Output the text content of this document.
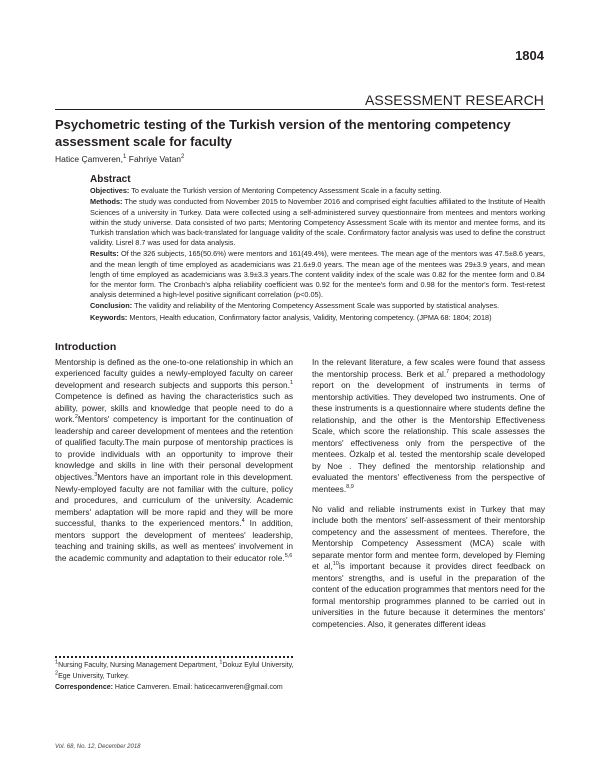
1804
ASSESSMENT RESEARCH
Psychometric testing of the Turkish version of the mentoring competency assessment scale for faculty
Hatice Çamveren,$^1$ Fahriye Vatan$^2$
Abstract

Objectives: To evaluate the Turkish version of Mentoring Competency Assessment Scale in a faculty setting.

Methods: The study was conducted from November 2015 to November 2016 and comprised eight faculties affiliated to the Institute of Health Sciences of a university in Turkey. Data were collected using a self-administered survey questionnaire from mentees and mentors working within the study universe. Data consisted of two parts; Mentoring Competency Assessment Scale with its mentor and mentee forms, and its Turkish translation which was back-translated for language validity of the scale. Confirmatory factor analysis was used to define the construct validity. Lisrel 8.7 was used for data analysis.

Results: Of the 326 subjects, 165(50.6%) were mentors and 161(49.4%), were mentees. The mean age of the mentors was 47.5±8.6 years, and the mean length of time employed as academicians was 21.6±9.0 years. The mean age of the mentees was 29±3.9 years, and mean length of time employed as academicians was 3.9±3.3 years.The content validity index of the scale was 0.82 for the mentee form and 0.84 for the mentor form. The Cronbach's alpha reliability coefficient was 0.92 for the mentee's form and 0.98 for the mentor's form. Test-retest analysis determined a high-level positive significant correlation (p<0.05).

Conclusion: The validity and reliability of the Mentoring Competency Assessment Scale was supported by statistical analyses.

Keywords: Mentors, Health education, Confirmatory factor analysis, Validity, Mentoring competency. (JPMA 68: 1804; 2018)

Introduction

Mentorship is defined as the one-to-one relationship in which an experienced faculty guides a newly-employed faculty on career development and research subjects and supports this person.$^1$ Competence is defined as having the characteristics such as ability, power, skills and knowledge that people need to do a work.$^2$Mentors' competency is important for the continuation of leadership and career development of mentees and the retention of qualified faculty.The main purpose of mentorship practices is to provide individuals with an opportunity to improve their knowledge and skills in line with their personal development objectives.$^3$Mentors have an important role in this development. Newly-employed faculty are not familiar with the culture, policy and procedures, and curriculum of the university. Academic members' adaptation will be more rapid and they will be more successful, thanks to the experienced mentors.$^4$ In addition, mentors support the development of mentees' leadership, teaching and training skills, as well as mentees' involvement in the academic community and adaptation to their educator role.$^{5,6}$

$^1$Nursing Faculty, Nursing Management Department, $^1$Dokuz Eylul University,

$^2$Ege University, Turkey.

Correspondence: Hatice Camveren. Email: haticecamveren@gmail.com

In the relevant literature, a few scales were found that assess the mentorship process. Berk et al.$^7$ prepared a methodology report on the development of instruments in terms of mentorship activities. They developed two instruments. One of these instruments is a questionnaire where students define the relationship, and the other is the Mentorship Effectiveness Scale, which score the relationship. This scale assesses the mentors' effectiveness only from the perspective of the mentees. Özkalp et al. tested the mentorship scale developed by Noe . They defined the mentorship relationship and evaluated the mentors' effectiveness from the perspective of mentees.$^{8,9}$

No valid and reliable instruments exist in Turkey that may include both the mentors' self-assessment of their mentorship competency and the assessment of mentees. Therefore, the Mentorship Competency Assessment (MCA) scale with separate mentor form and mentee form, developed by Fleming et al,$^{10}$is important because it provides direct feedback on mentors' strengths, and is useful in the preparation of the content of the education programmes that mentors need for the formal mentorship programmes planned to be carried out in universities in the future because it determines the mentors' competencies. Also, it generates different ideas

Vol. 68, No. 12, December 2018
